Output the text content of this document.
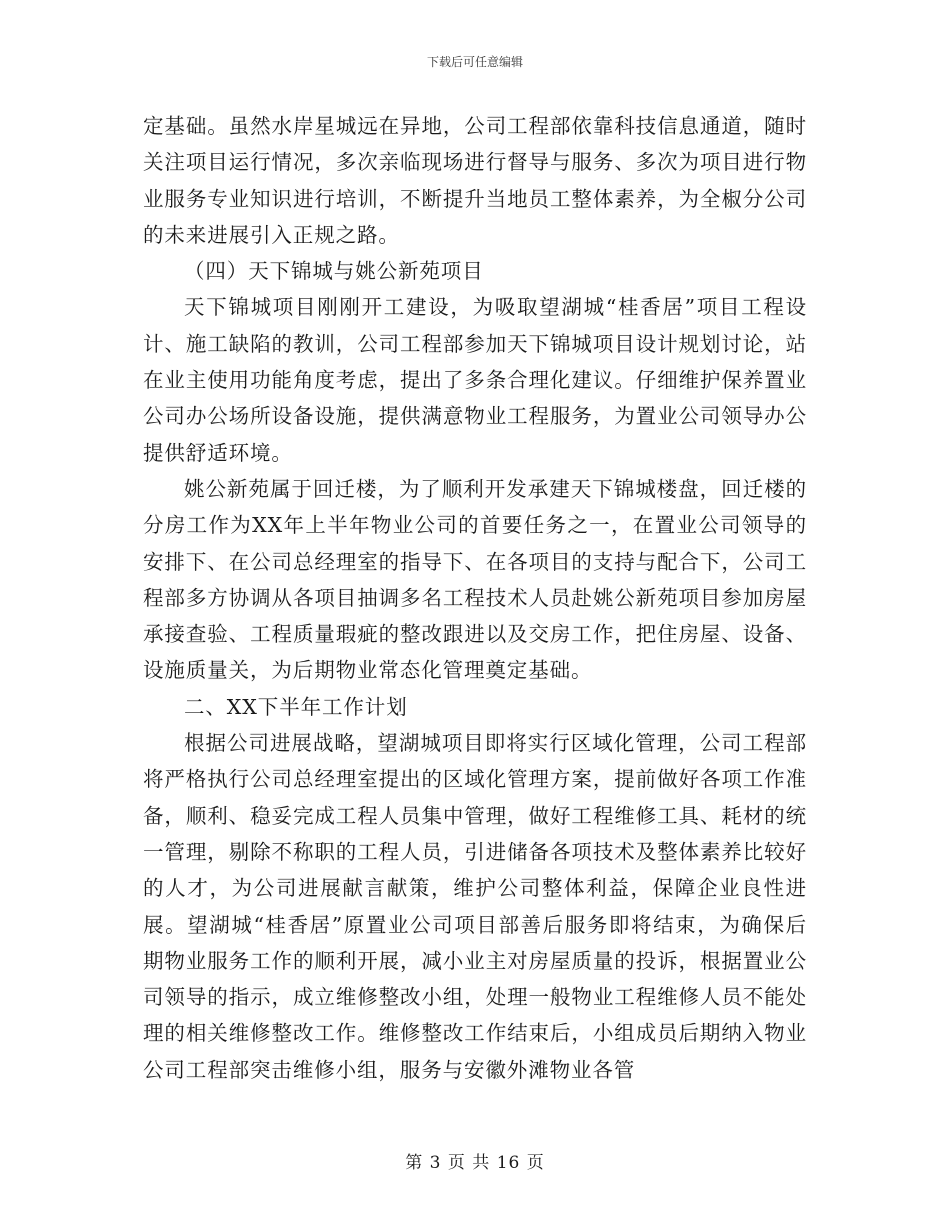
下载后可任意编辑

定基础。虽然水岸星城远在异地，公司工程部依靠科技信息通道，随时关注项目运行情况，多次亲临现场进行督导与服务、多次为项目进行物业服务专业知识进行培训，不断提升当地员工整体素养，为全椒分公司的未来进展引入正规之路。

（四）天下锦城与姚公新苑项目

天下锦城项目刚刚开工建设，为吸取望湖城“桂香居”项目工程设计、施工缺陷的教训，公司工程部参加天下锦城项目设计规划讨论，站在业主使用功能角度考虑，提出了多条合理化建议。仔细维护保养置业公司办公场所设备设施，提供满意物业工程服务，为置业公司领导办公提供舒适环境。

姚公新苑属于回迁楼，为了顺利开发承建天下锦城楼盘，回迁楼的分房工作为XX年上半年物业公司的首要任务之一，在置业公司领导的安排下、在公司总经理室的指导下、在各项目的支持与配合下，公司工程部多方协调从各项目抽调多名工程技术人员赴姚公新苑项目参加房屋承接查验、工程质量瑕疵的整改跟进以及交房工作，把住房屋、设备、设施质量关，为后期物业常态化管理奠定基础。

二、XX下半年工作计划

根据公司进展战略，望湖城项目即将实行区域化管理，公司工程部将严格执行公司总经理室提出的区域化管理方案，提前做好各项工作准备，顺利、稳妥完成工程人员集中管理，做好工程维修工具、耗材的统一管理，剔除不称职的工程人员，引进储备各项技术及整体素养比较好的人才，为公司进展献言献策，维护公司整体利益，保障企业良性进展。望湖城“桂香居”原置业公司项目部善后服务即将结束，为确保后期物业服务工作的顺利开展，减小业主对房屋质量的投诉，根据置业公司领导的指示，成立维修整改小组，处理一般物业工程维修人员不能处理的相关维修整改工作。维修整改工作结束后，小组成员后期纳入物业公司工程部突击维修小组，服务与安徽外滩物业各管

第 3 页 共 16 页
